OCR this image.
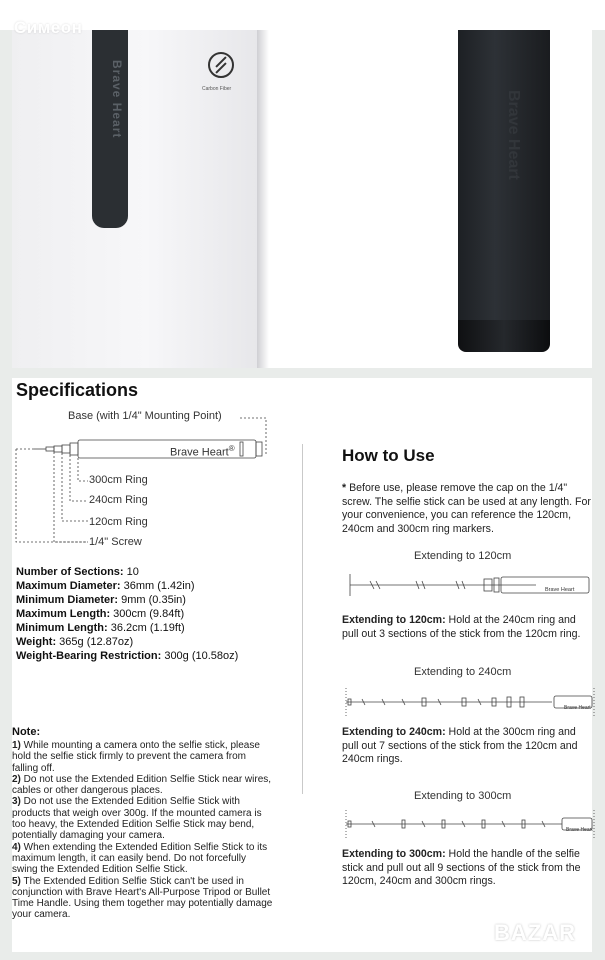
Brave Heart	Carbon Fiber
Brave Heart
Cимеон
Specifications
Base (with 1/4" Mounting Point)
Brave Heart®
300cm Ring
240cm Ring
120cm Ring
1/4" Screw
Number of Sections: 10
Maximum Diameter: 36mm (1.42in)
Minimum Diameter: 9mm (0.35in)
Maximum Length: 300cm (9.84ft)
Minimum Length: 36.2cm (1.19ft)
Weight: 365g (12.87oz)
Weight-Bearing Restriction: 300g (10.58oz)
Note:

1) While mounting a camera onto the selfie stick, please hold the selfie stick firmly to prevent the camera from falling off.

2) Do not use the Extended Edition Selfie Stick near wires, cables or other dangerous places.

3) Do not use the Extended Edition Selfie Stick with products that weigh over 300g. If the mounted camera is too heavy, the Extended Edition Selfie Stick may bend, potentially damaging your camera.

4) When extending the Extended Edition Selfie Stick to its maximum length, it can easily bend. Do not forcefully swing the Extended Edition Selfie Stick.

5) The Extended Edition Selfie Stick can't be used in conjunction with Brave Heart's All-Purpose Tripod or Bullet Time Handle. Using them together may potentially damage your camera.

How to Use
* Before use, please remove the cap on the 1/4" screw. The selfie stick can be used at any length. For your convenience, you can reference the 120cm, 240cm and 300cm ring markers.
Extending to 120cm
Brave Heart
Extending to 120cm: Hold at the 240cm ring and pull out 3 sections of the stick from the 120cm ring.
Extending to 240cm
Brave Heart
Extending to 240cm: Hold at the 300cm ring and pull out 7 sections of the stick from the 120cm and 240cm rings.
Extending to 300cm
Brave Heart
Extending to 300cm: Hold the handle of the selfie stick and pull out all 9 sections of the stick from the 120cm, 240cm and 300cm rings.
BAZAR
